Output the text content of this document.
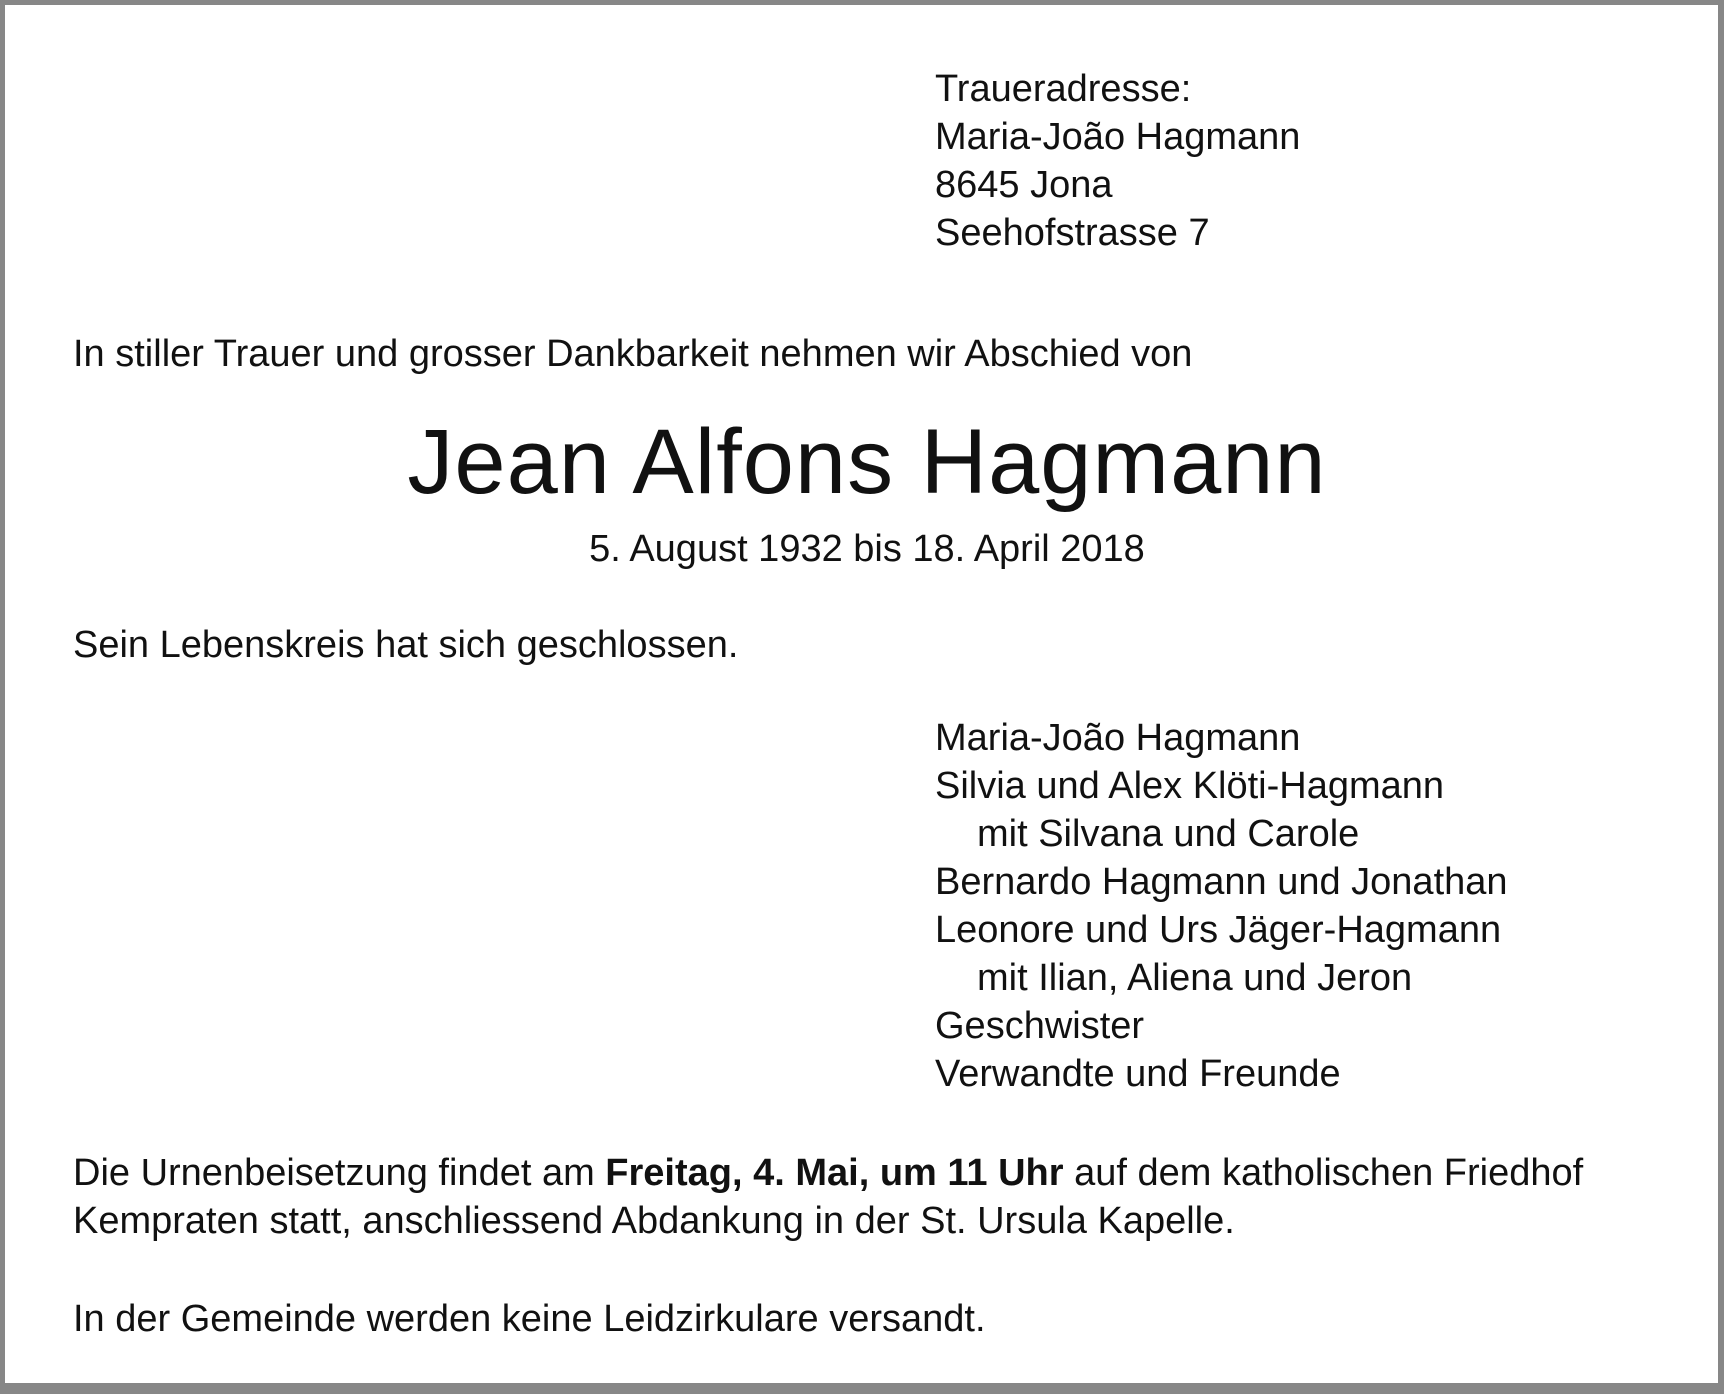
Traueradresse:
Maria-João Hagmann
8645 Jona
Seehofstrasse 7

In stiller Trauer und grosser Dankbarkeit nehmen wir Abschied von

Jean Alfons Hagmann
5. August 1932 bis 18. April 2018

Sein Lebenskreis hat sich geschlossen.

Maria-João Hagmann
Silvia und Alex Klöti-Hagmann
mit Silvana und Carole
Bernardo Hagmann und Jonathan
Leonore und Urs Jäger-Hagmann
mit Ilian, Aliena und Jeron
Geschwister
Verwandte und Freunde
Die Urnenbeisetzung findet am Freitag, 4. Mai, um 11 Uhr auf dem katholischen Friedhof
Kempraten statt, anschliessend Abdankung in der St. Ursula Kapelle.

In der Gemeinde werden keine Leidzirkulare versandt.
